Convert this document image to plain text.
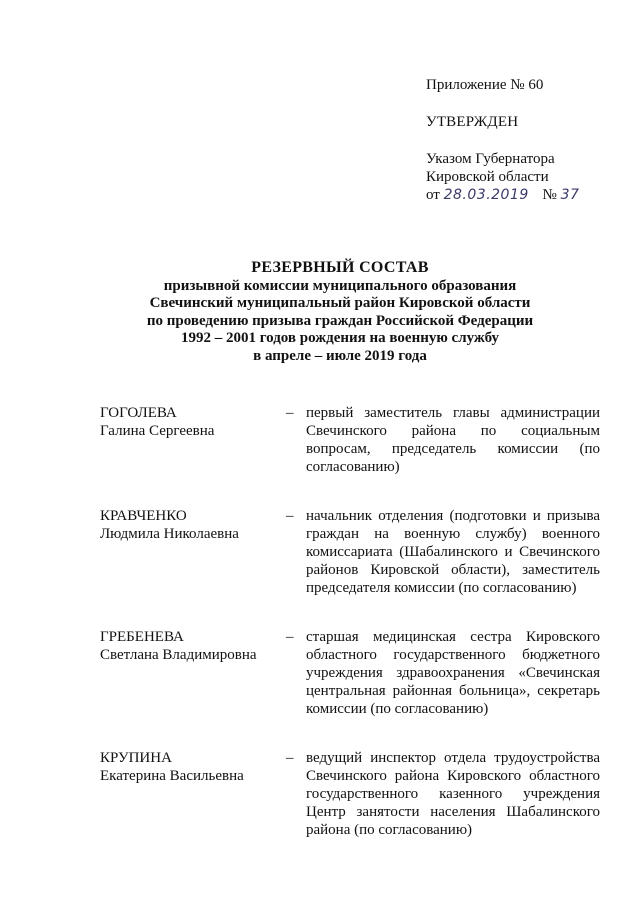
Приложение № 60
УТВЕРЖДЕН
Указом Губернатора
Кировской области
от 28.03.2019 № 37
РЕЗЕРВНЫЙ СОСТАВ
призывной комиссии муниципального образования
Свечинский муниципальный район Кировской области
по проведению призыва граждан Российской Федерации
1992 – 2001 годов рождения на военную службу
в апреле – июле 2019 года
ГОГОЛЕВА
Галина Сергеевна
– первый заместитель главы администрации Свечинского района по социальным вопросам, председатель комиссии (по согласованию)
КРАВЧЕНКО
Людмила Николаевна
– начальник отделения (подготовки и призыва граждан на военную службу) военного комиссариата (Шабалинского и Свечинского районов Кировской области), заместитель председателя комиссии (по согласованию)
ГРЕБЕНЕВА
Светлана Владимировна
– старшая медицинская сестра Кировского областного государственного бюджетного учреждения здравоохранения «Свечинская центральная районная больница», секретарь комиссии (по согласованию)
КРУПИНА
Екатерина Васильевна
– ведущий инспектор отдела трудоустройства Свечинского района Кировского областного государственного казенного учреждения Центр занятости населения Шабалинского района (по согласованию)
